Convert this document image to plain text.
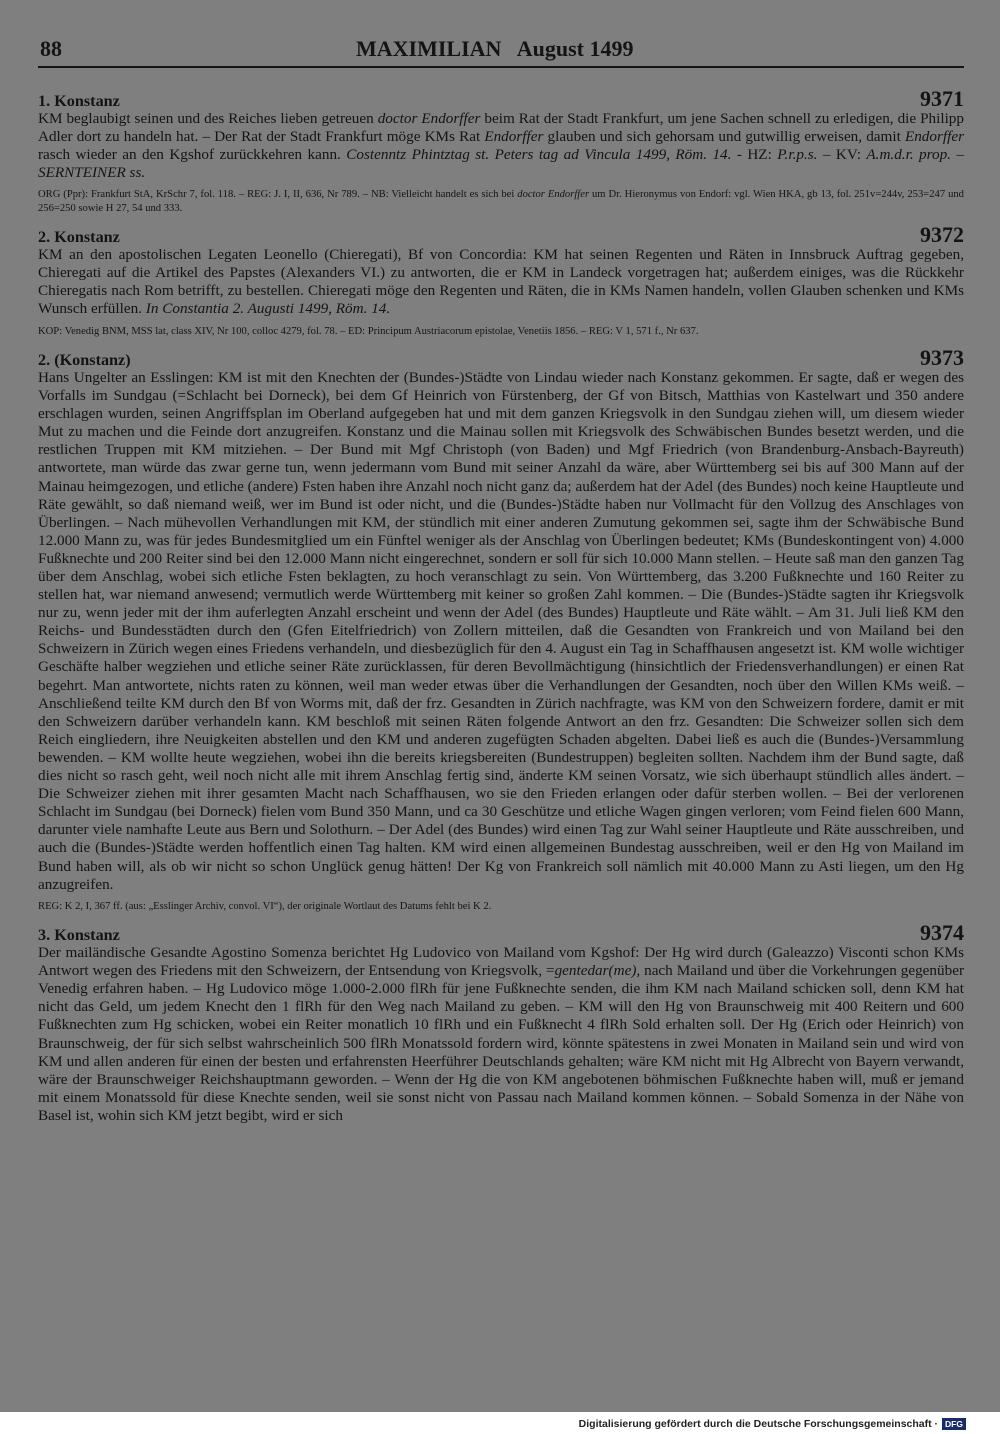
88	MAXIMILIAN   August 1499
1. Konstanz	9371

KM beglaubigt seinen und des Reiches lieben getreuen doctor Endorffer beim Rat der Stadt Frankfurt, um jene Sachen schnell zu erledigen, die Philipp Adler dort zu handeln hat. – Der Rat der Stadt Frankfurt möge KMs Rat Endorffer glauben und sich gehorsam und gutwillig erweisen, damit Endorffer rasch wieder an den Kgshof zurückkehren kann. Costenntz Phintztag st. Peters tag ad Vincula 1499, Röm. 14. - HZ: P.r.p.s. – KV: A.m.d.r. prop. – SERNTEINER ss.

ORG (Ppr): Frankfurt StA, KrSchr 7, fol. 118. – REG: J. I, II, 636, Nr 789. – NB: Vielleicht handelt es sich bei doctor Endorffer um Dr. Hieronymus von Endorf: vgl. Wien HKA, gb 13, fol. 251v=244v, 253=247 und 256=250 sowie H 27, 54 und 333.

2. Konstanz	9372

KM an den apostolischen Legaten Leonello (Chieregati), Bf von Concordia: KM hat seinen Regenten und Räten in Innsbruck Auftrag gegeben, Chieregati auf die Artikel des Papstes (Alexanders VI.) zu antworten, die er KM in Landeck vorgetragen hat; außerdem einiges, was die Rückkehr Chieregatis nach Rom betrifft, zu bestellen. Chieregati möge den Regenten und Räten, die in KMs Namen handeln, vollen Glauben schenken und KMs Wunsch erfüllen. In Constantia 2. Augusti 1499, Röm. 14.

KOP: Venedig BNM, MSS lat, class XIV, Nr 100, colloc 4279, fol. 78. – ED: Principum Austriacorum epistolae, Venetiis 1856. – REG: V 1, 571 f., Nr 637.

2. (Konstanz)	9373

Hans Ungelter an Esslingen: KM ist mit den Knechten der (Bundes-)Städte von Lindau wieder nach Konstanz gekommen. Er sagte, daß er wegen des Vorfalls im Sundgau (=Schlacht bei Dorneck), bei dem Gf Heinrich von Fürstenberg, der Gf von Bitsch, Matthias von Kastelwart und 350 andere erschlagen wurden, seinen Angriffsplan im Oberland aufgegeben hat und mit dem ganzen Kriegsvolk in den Sundgau ziehen will, um diesem wieder Mut zu machen und die Feinde dort anzugreifen. Konstanz und die Mainau sollen mit Kriegsvolk des Schwäbischen Bundes besetzt werden, und die restlichen Truppen mit KM mitziehen. – Der Bund mit Mgf Christoph (von Baden) und Mgf Friedrich (von Brandenburg-Ansbach-Bayreuth) antwortete, man würde das zwar gerne tun, wenn jedermann vom Bund mit seiner Anzahl da wäre, aber Württemberg sei bis auf 300 Mann auf der Mainau heimgezogen, und etliche (andere) Fsten haben ihre Anzahl noch nicht ganz da; außerdem hat der Adel (des Bundes) noch keine Hauptleute und Räte gewählt, so daß niemand weiß, wer im Bund ist oder nicht, und die (Bundes-)Städte haben nur Vollmacht für den Vollzug des Anschlages von Überlingen. – Nach mühevollen Verhandlungen mit KM, der stündlich mit einer anderen Zumutung gekommen sei, sagte ihm der Schwäbische Bund 12.000 Mann zu, was für jedes Bundesmitglied um ein Fünftel weniger als der Anschlag von Überlingen bedeutet; KMs (Bundeskontingent von) 4.000 Fußknechte und 200 Reiter sind bei den 12.000 Mann nicht eingerechnet, sondern er soll für sich 10.000 Mann stellen. – Heute saß man den ganzen Tag über dem Anschlag, wobei sich etliche Fsten beklagten, zu hoch veranschlagt zu sein. Von Württemberg, das 3.200 Fußknechte und 160 Reiter zu stellen hat, war niemand anwesend; vermutlich werde Württemberg mit keiner so großen Zahl kommen. – Die (Bundes-)Städte sagten ihr Kriegsvolk nur zu, wenn jeder mit der ihm auferlegten Anzahl erscheint und wenn der Adel (des Bundes) Hauptleute und Räte wählt. – Am 31. Juli ließ KM den Reichs- und Bundesstädten durch den (Gfen Eitelfriedrich) von Zollern mitteilen, daß die Gesandten von Frankreich und von Mailand bei den Schweizern in Zürich wegen eines Friedens verhandeln, und diesbezüglich für den 4. August ein Tag in Schaffhausen angesetzt ist. KM wolle wichtiger Geschäfte halber wegziehen und etliche seiner Räte zurücklassen, für deren Bevollmächtigung (hinsichtlich der Friedensverhandlungen) er einen Rat begehrt. Man antwortete, nichts raten zu können, weil man weder etwas über die Verhandlungen der Gesandten, noch über den Willen KMs weiß. – Anschließend teilte KM durch den Bf von Worms mit, daß der frz. Gesandten in Zürich nachfragte, was KM von den Schweizern fordere, damit er mit den Schweizern darüber verhandeln kann. KM beschloß mit seinen Räten folgende Antwort an den frz. Gesandten: Die Schweizer sollen sich dem Reich eingliedern, ihre Neuigkeiten abstellen und den KM und anderen zugefügten Schaden abgelten. Dabei ließ es auch die (Bundes-)Versammlung bewenden. – KM wollte heute wegziehen, wobei ihn die bereits kriegsbereiten (Bundestruppen) begleiten sollten. Nachdem ihm der Bund sagte, daß dies nicht so rasch geht, weil noch nicht alle mit ihrem Anschlag fertig sind, änderte KM seinen Vorsatz, wie sich überhaupt stündlich alles ändert. – Die Schweizer ziehen mit ihrer gesamten Macht nach Schaffhausen, wo sie den Frieden erlangen oder dafür sterben wollen. – Bei der verlorenen Schlacht im Sundgau (bei Dorneck) fielen vom Bund 350 Mann, und ca 30 Geschütze und etliche Wagen gingen verloren; vom Feind fielen 600 Mann, darunter viele namhafte Leute aus Bern und Solothurn. – Der Adel (des Bundes) wird einen Tag zur Wahl seiner Hauptleute und Räte ausschreiben, und auch die (Bundes-)Städte werden hoffentlich einen Tag halten. KM wird einen allgemeinen Bundestag ausschreiben, weil er den Hg von Mailand im Bund haben will, als ob wir nicht so schon Unglück genug hätten! Der Kg von Frankreich soll nämlich mit 40.000 Mann zu Asti liegen, um den Hg anzugreifen.

REG: K 2, I, 367 ff. (aus: „Esslinger Archiv, convol. VI“), der originale Wortlaut des Datums fehlt bei K 2.

3. Konstanz	9374

Der mailändische Gesandte Agostino Somenza berichtet Hg Ludovico von Mailand vom Kgshof: Der Hg wird durch (Galeazzo) Visconti schon KMs Antwort wegen des Friedens mit den Schweizern, der Entsendung von Kriegsvolk, =gentedar(me), nach Mailand und über die Vorkehrungen gegenüber Venedig erfahren haben. – Hg Ludovico möge 1.000-2.000 flRh für jene Fußknechte senden, die ihm KM nach Mailand schicken soll, denn KM hat nicht das Geld, um jedem Knecht den 1 flRh für den Weg nach Mailand zu geben. – KM will den Hg von Braunschweig mit 400 Reitern und 600 Fußknechten zum Hg schicken, wobei ein Reiter monatlich 10 flRh und ein Fußknecht 4 flRh Sold erhalten soll. Der Hg (Erich oder Heinrich) von Braunschweig, der für sich selbst wahrscheinlich 500 flRh Monatssold fordern wird, könnte spätestens in zwei Monaten in Mailand sein und wird von KM und allen anderen für einen der besten und erfahrensten Heerführer Deutschlands gehalten; wäre KM nicht mit Hg Albrecht von Bayern verwandt, wäre der Braunschweiger Reichshauptmann geworden. – Wenn der Hg die von KM angebotenen böhmischen Fußknechte haben will, muß er jemand mit einem Monatssold für diese Knechte senden, weil sie sonst nicht von Passau nach Mailand kommen können. – Sobald Somenza in der Nähe von Basel ist, wohin sich KM jetzt begibt, wird er sich

Digitalisierung gefördert durch die Deutsche Forschungsgemeinschaft · DFG
